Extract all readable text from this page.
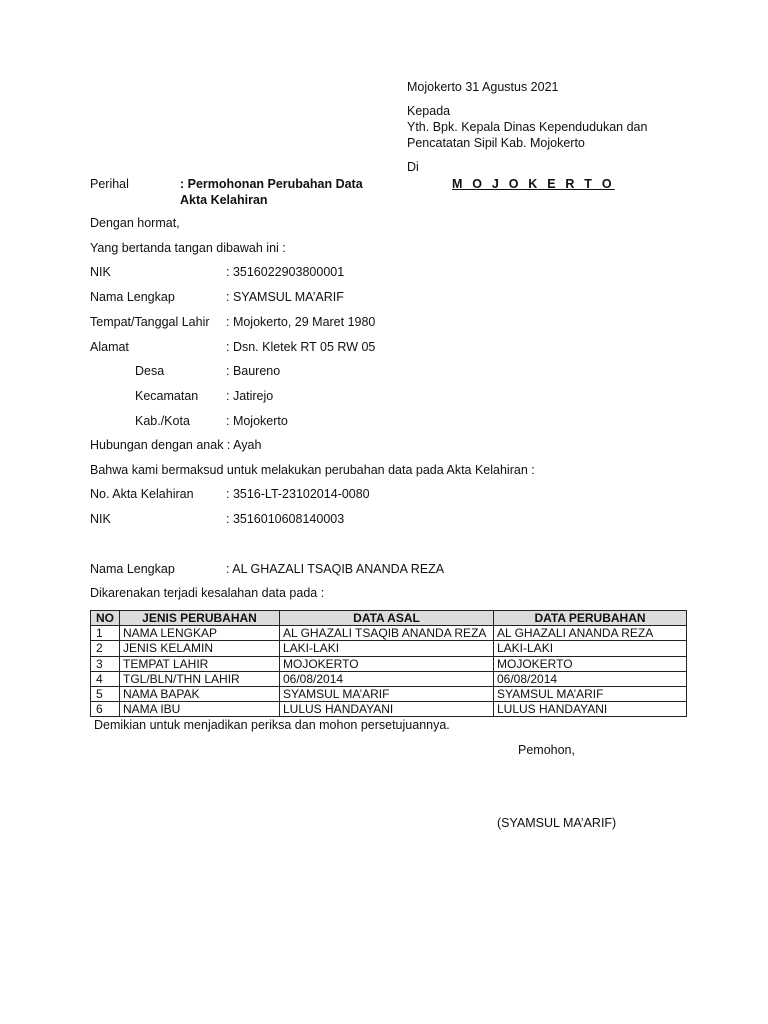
Mojokerto 31 Agustus 2021
Kepada
Yth. Bpk. Kepala Dinas Kependudukan dan
Pencatatan Sipil Kab. Mojokerto
Di
M O J O K E R T O
Perihal	: Permohonan Perubahan Data
Akta Kelahiran
Dengan hormat,
Yang bertanda tangan dibawah ini :
NIK	: 3516022903800001
Nama Lengkap	: SYAMSUL MA’ARIF
Tempat/Tanggal Lahir : Mojokerto, 29 Maret 1980
Alamat	: Dsn. Kletek RT 05 RW 05
Desa	: Baureno
Kecamatan : Jatirejo
Kab./Kota	: Mojokerto
Hubungan dengan anak : Ayah
Bahwa kami bermaksud untuk melakukan perubahan data pada Akta Kelahiran :
No. Akta Kelahiran	: 3516-LT-23102014-0080
NIK	: 3516010608140003
Nama Lengkap	: AL GHAZALI TSAQIB ANANDA REZA
Dikarenakan terjadi kesalahan data pada :
NO	JENIS PERUBAHAN	DATA ASAL	DATA PERUBAHAN
1	NAMA LENGKAP	AL GHAZALI TSAQIB ANANDA REZA	AL GHAZALI ANANDA REZA
2	JENIS KELAMIN	LAKI-LAKI	LAKI-LAKI
3	TEMPAT LAHIR	MOJOKERTO	MOJOKERTO
4	TGL/BLN/THN LAHIR	06/08/2014	06/08/2014
5	NAMA BAPAK	SYAMSUL MA’ARIF	SYAMSUL MA’ARIF
6	NAMA IBU	LULUS HANDAYANI	LULUS HANDAYANI
Demikian untuk menjadikan periksa dan mohon persetujuannya.
Pemohon,
(SYAMSUL MA’ARIF)
